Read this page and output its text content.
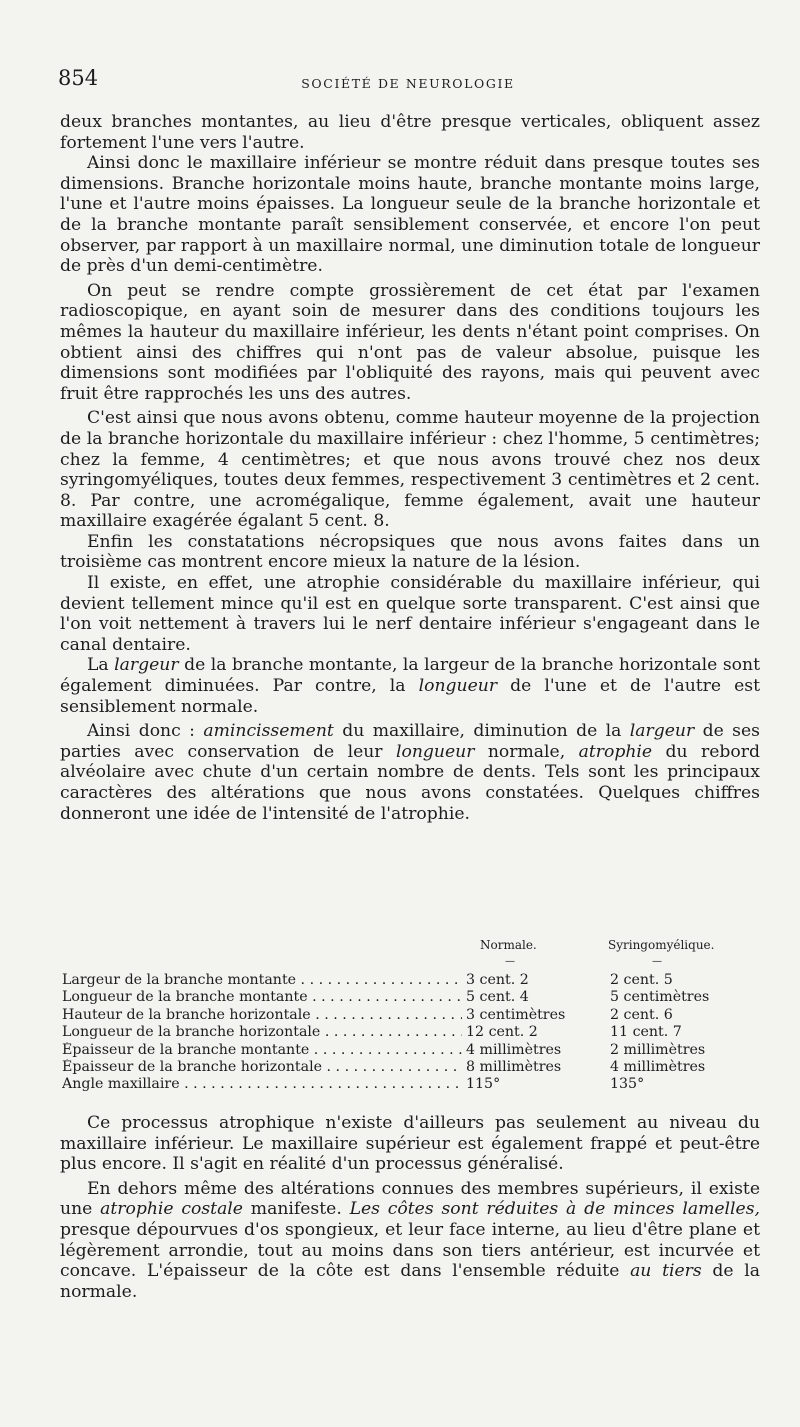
854	SOCIÉTÉ DE NEUROLOGIE

deux branches montantes, au lieu d'être presque verticales, obliquent assez fortement l'une vers l'autre.

Ainsi donc le maxillaire inférieur se montre réduit dans presque toutes ses dimensions. Branche horizontale moins haute, branche montante moins large, l'une et l'autre moins épaisses. La longueur seule de la branche horizontale et de la branche montante paraît sensiblement conservée, et encore l'on peut observer, par rapport à un maxillaire normal, une diminution totale de longueur de près d'un demi-centimètre.

On peut se rendre compte grossièrement de cet état par l'examen radioscopique, en ayant soin de mesurer dans des conditions toujours les mêmes la hauteur du maxillaire inférieur, les dents n'étant point comprises. On obtient ainsi des chiffres qui n'ont pas de valeur absolue, puisque les dimensions sont modifiées par l'obliquité des rayons, mais qui peuvent avec fruit être rapprochés les uns des autres.

C'est ainsi que nous avons obtenu, comme hauteur moyenne de la projection de la branche horizontale du maxillaire inférieur : chez l'homme, 5 centimètres; chez la femme, 4 centimètres; et que nous avons trouvé chez nos deux syringomyéliques, toutes deux femmes, respectivement 3 centimètres et 2 cent. 8. Par contre, une acromégalique, femme également, avait une hauteur maxillaire exagérée égalant 5 cent. 8.

Enfin les constatations nécropsiques que nous avons faites dans un troisième cas montrent encore mieux la nature de la lésion.

Il existe, en effet, une atrophie considérable du maxillaire inférieur, qui devient tellement mince qu'il est en quelque sorte transparent. C'est ainsi que l'on voit nettement à travers lui le nerf dentaire inférieur s'engageant dans le canal dentaire.

La largeur de la branche montante, la largeur de la branche horizontale sont également diminuées. Par contre, la longueur de l'une et de l'autre est sensiblement normale.

Ainsi donc : amincissement du maxillaire, diminution de la largeur de ses parties avec conservation de leur longueur normale, atrophie du rebord alvéolaire avec chute d'un certain nombre de dents. Tels sont les principaux caractères des altérations que nous avons constatées. Quelques chiffres donneront une idée de l'intensité de l'atrophie.

Normale.	Syringomyélique.
—	—
Largeur de la branche montante . . .	3 cent. 2	2 cent. 5
Longueur de la branche montante . . .	5 cent. 4	5 centimètres
Hauteur de la branche horizontale . . .	3 centimètres	2 cent. 6
Longueur de la branche horizontale . . .	12 cent. 2	11 cent. 7
Épaisseur de la branche montante . . .	4 millimètres	2 millimètres
Épaisseur de la branche horizontale . . .	8 millimètres	4 millimètres
Angle maxillaire . . .	115°	135°

Ce processus atrophique n'existe d'ailleurs pas seulement au niveau du maxillaire inférieur. Le maxillaire supérieur est également frappé et peut-être plus encore. Il s'agit en réalité d'un processus généralisé.

En dehors même des altérations connues des membres supérieurs, il existe une atrophie costale manifeste. Les côtes sont réduites à de minces lamelles, presque dépourvues d'os spongieux, et leur face interne, au lieu d'être plane et légèrement arrondie, tout au moins dans son tiers antérieur, est incurvée et concave. L'épaisseur de la côte est dans l'ensemble réduite au tiers de la normale.
